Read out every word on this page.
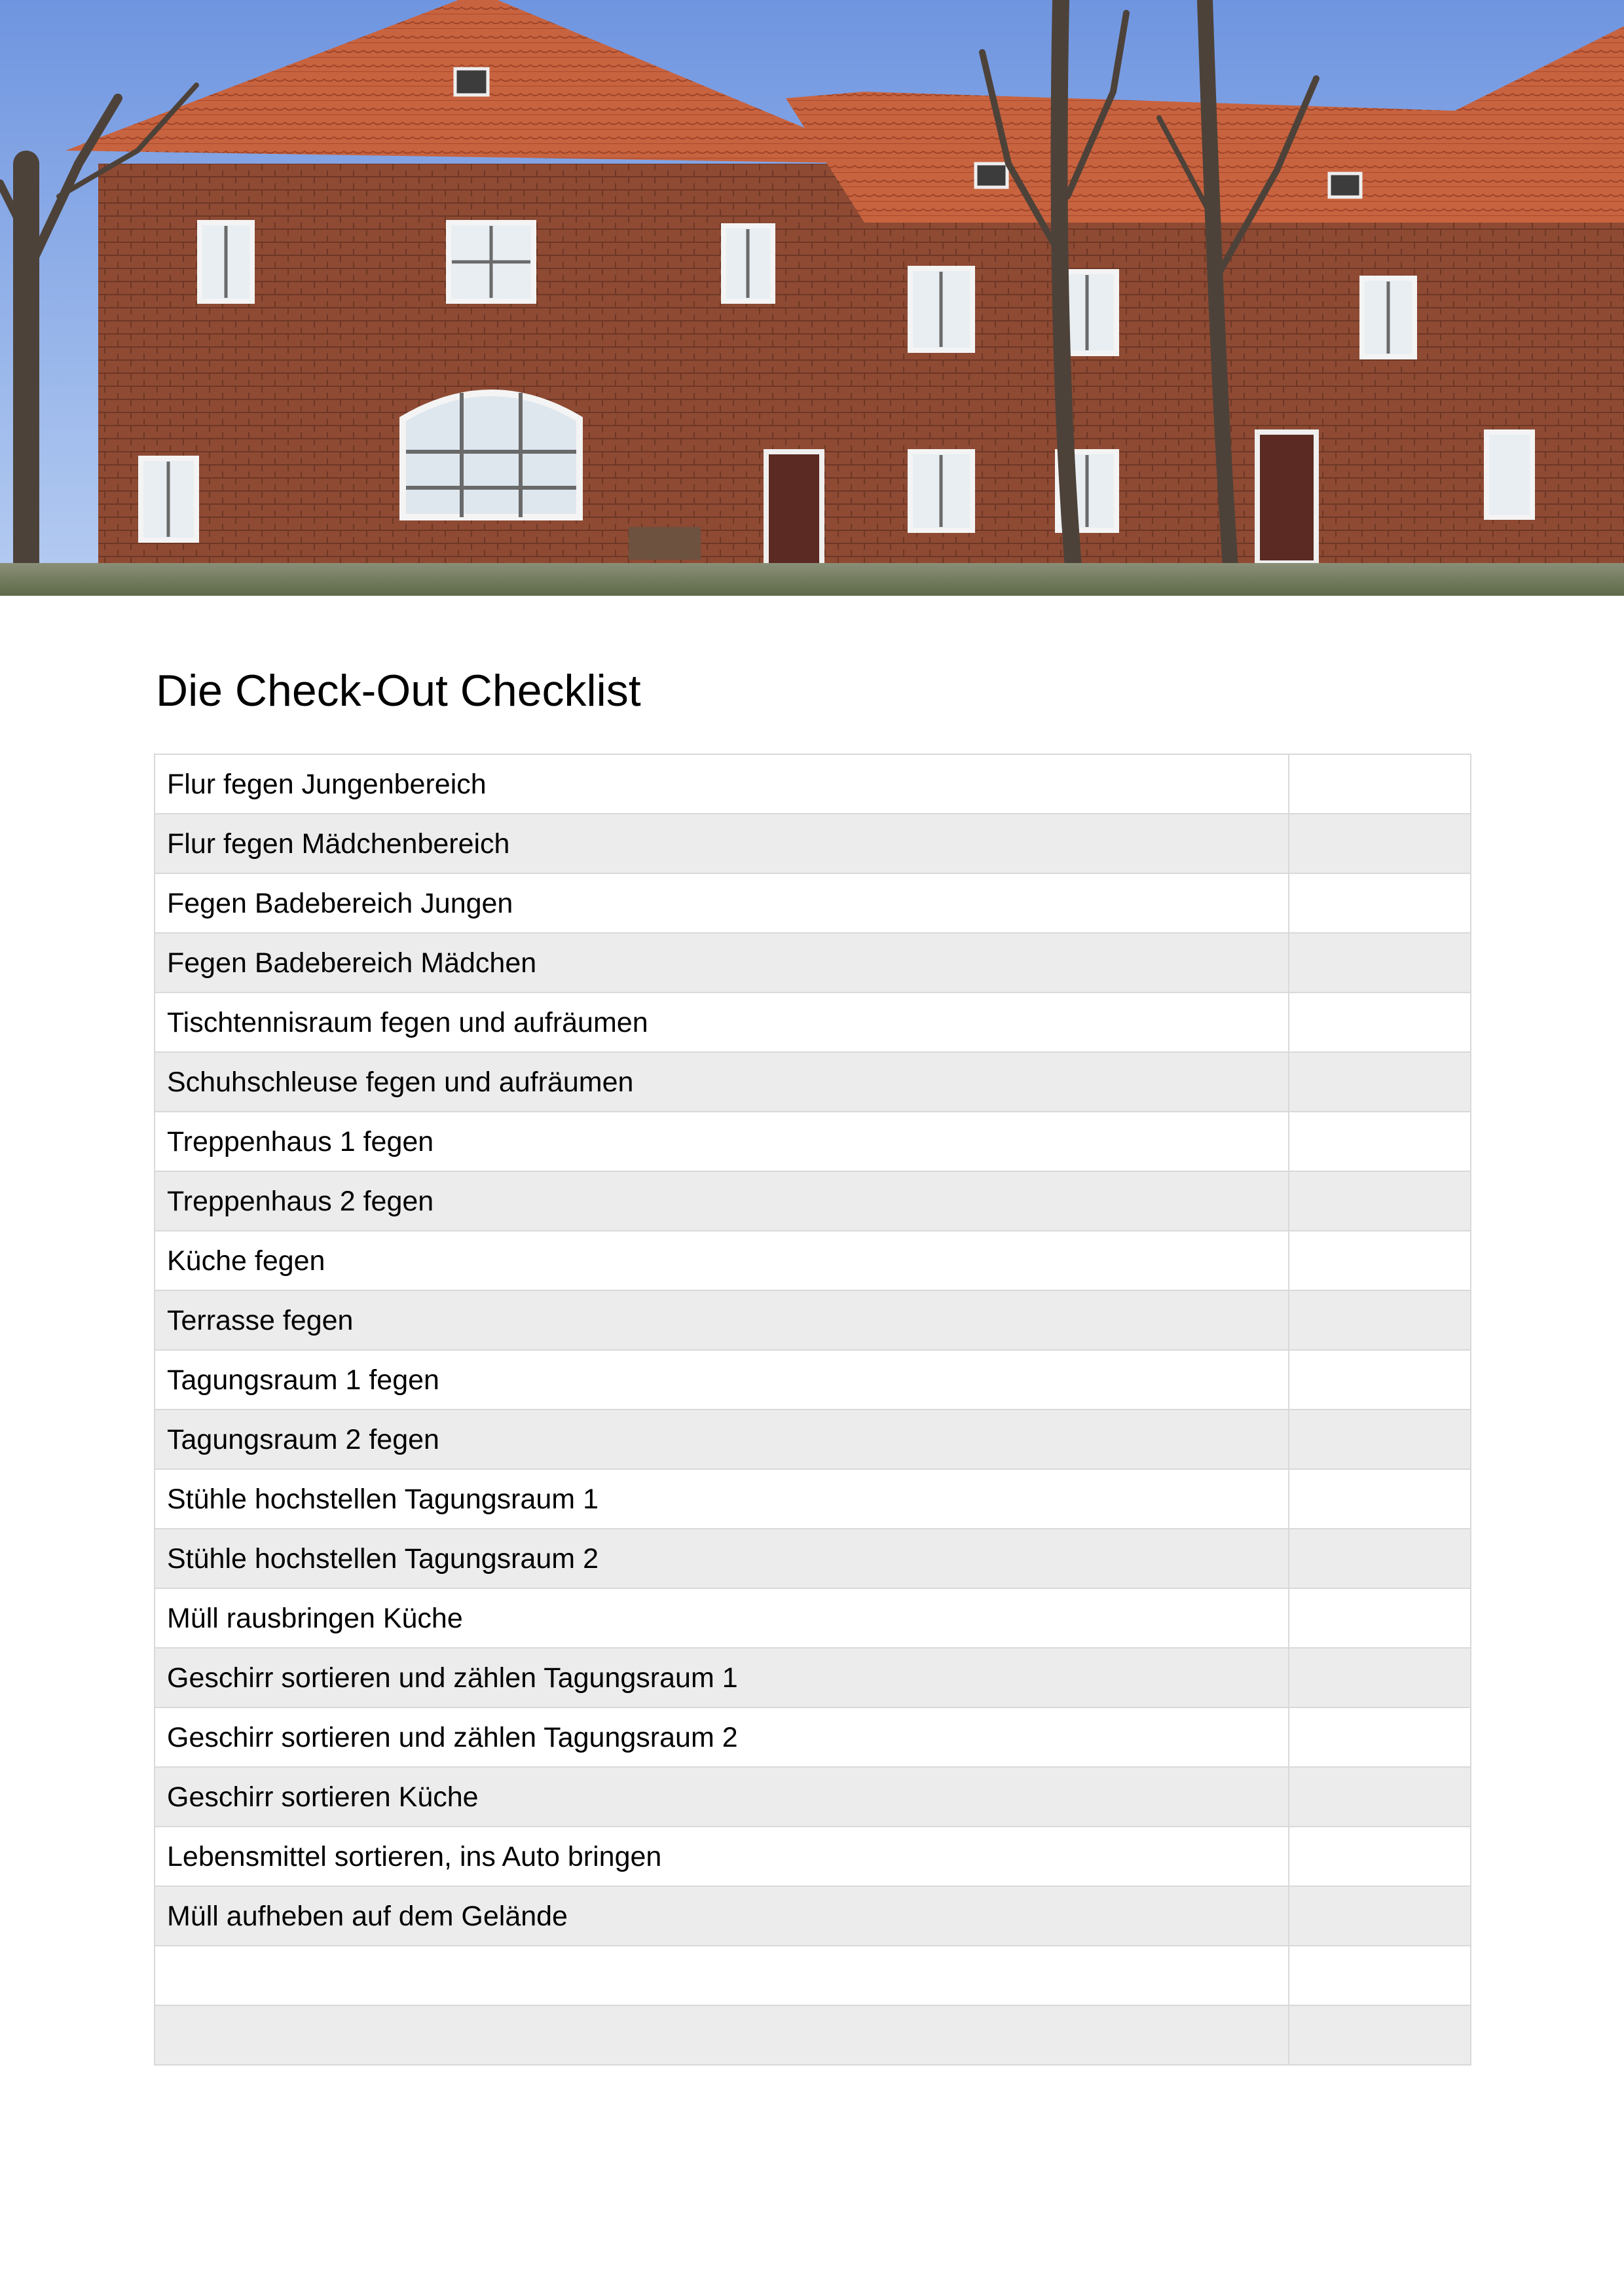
Die Check-Out Checklist
Flur fegen Jungenbereich	
Flur fegen Mädchenbereich	
Fegen Badebereich Jungen	
Fegen Badebereich Mädchen	
Tischtennisraum fegen und aufräumen	
Schuhschleuse fegen und aufräumen	
Treppenhaus 1 fegen	
Treppenhaus 2 fegen	
Küche fegen	
Terrasse fegen	
Tagungsraum 1 fegen	
Tagungsraum 2 fegen	
Stühle hochstellen Tagungsraum 1	
Stühle hochstellen Tagungsraum 2	
Müll rausbringen Küche	
Geschirr sortieren und zählen Tagungsraum 1	
Geschirr sortieren und zählen Tagungsraum 2	
Geschirr sortieren Küche	
Lebensmittel sortieren, ins Auto bringen	
Müll aufheben auf dem Gelände	
